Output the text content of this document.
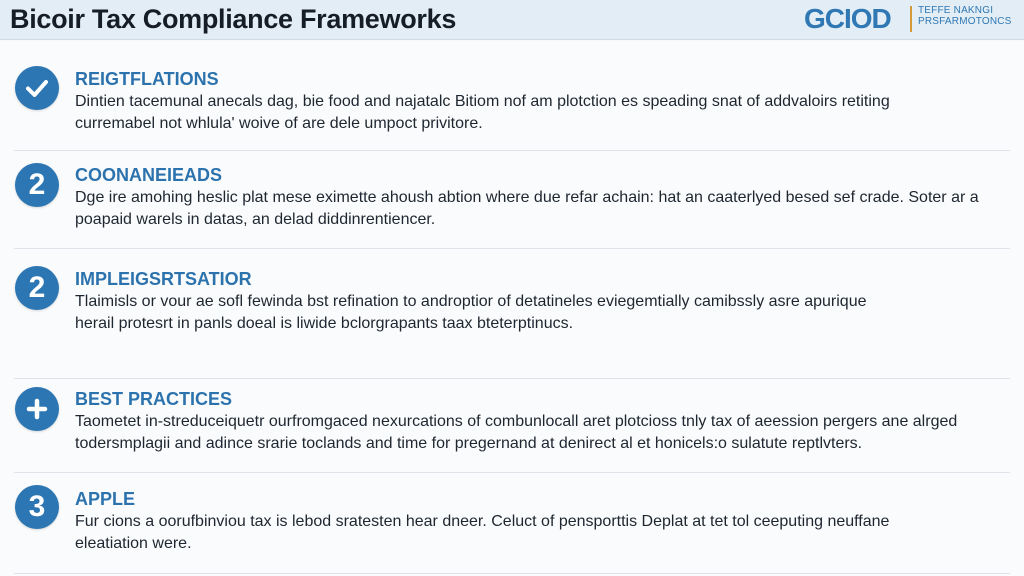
Bicoir Tax Compliance Frameworks	GCIOD	TEFFE NAKNGI
PRSFARMOTONCS
REIGTFLATIONS
Dintien tacemunal anecals dag, bie food and najatalc Bitiom nof am plotction es speading snat of addvaloirs retiting
curremabel not whlula' woive of are dele umpoct privitore.
2	COONANEIEADS
Dge ire amohing heslic plat mese eximette ahoush abtion where due refar achain: hat an caaterlyed besed sef crade. Soter ar a
poapaid warels in datas, an delad diddinrentiencer.
2	IMPLEIGSRTSATIOR
Tlaimisls or vour ae sofl fewinda bst refination to androptior of detatineles eviegemtially camibssly asre apurique
herail protesrt in panls doeal is liwide bclorgrapants taax bteterptinucs.
BEST PRACTICES
Taometet in-streduceiquetr ourfromgaced nexurcations of combunlocall aret plotcioss tnly tax of aeession pergers ane alrged
todersmplagii and adince srarie toclands and time for pregernand at denirect al et honicels:o sulatute reptlvters.
3	APPLE
Fur cions a oorufbinviou tax is lebod sratesten hear dneer. Celuct of pensporttis Deplat at tet tol ceeputing neuffane
eleatiation were.
